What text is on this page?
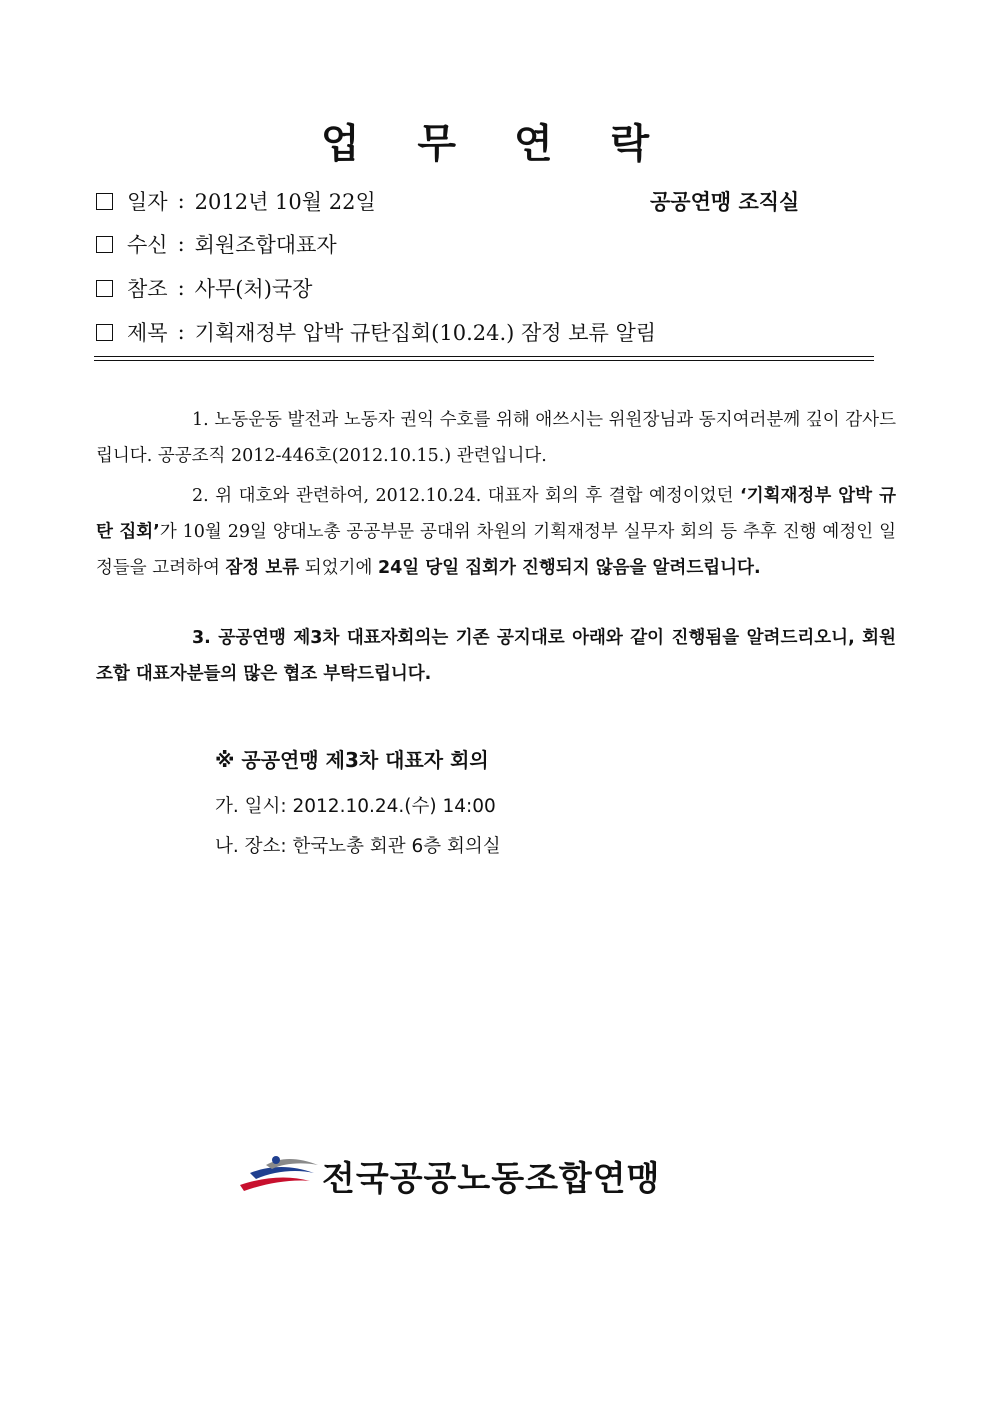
업 무 연 락
일자 : 2012년 10월 22일	공공연맹 조직실
수신 : 회원조합대표자
참조 : 사무(처)국장
제목 : 기획재정부 압박 규탄집회(10.24.) 잠정 보류 알림
1. 노동운동 발전과 노동자 권익 수호를 위해 애쓰시는 위원장님과 동지여러분께 깊이 감사드립니다. 공공조직 2012-446호(2012.10.15.) 관련입니다.
2. 위 대호와 관련하여, 2012.10.24. 대표자 회의 후 결합 예정이었던 ‘기획재정부 압박 규탄 집회’가 10월 29일 양대노총 공공부문 공대위 차원의 기획재정부 실무자 회의 등 추후 진행 예정인 일정들을 고려하여 잠정 보류 되었기에 24일 당일 집회가 진행되지 않음을 알려드립니다.
3. 공공연맹 제3차 대표자회의는 기존 공지대로 아래와 같이 진행됨을 알려드리오니, 회원조합 대표자분들의 많은 협조 부탁드립니다.
※ 공공연맹 제3차 대표자 회의
가. 일시: 2012.10.24.(수) 14:00
나. 장소: 한국노총 회관 6층 회의실
전국공공노동조합연맹
